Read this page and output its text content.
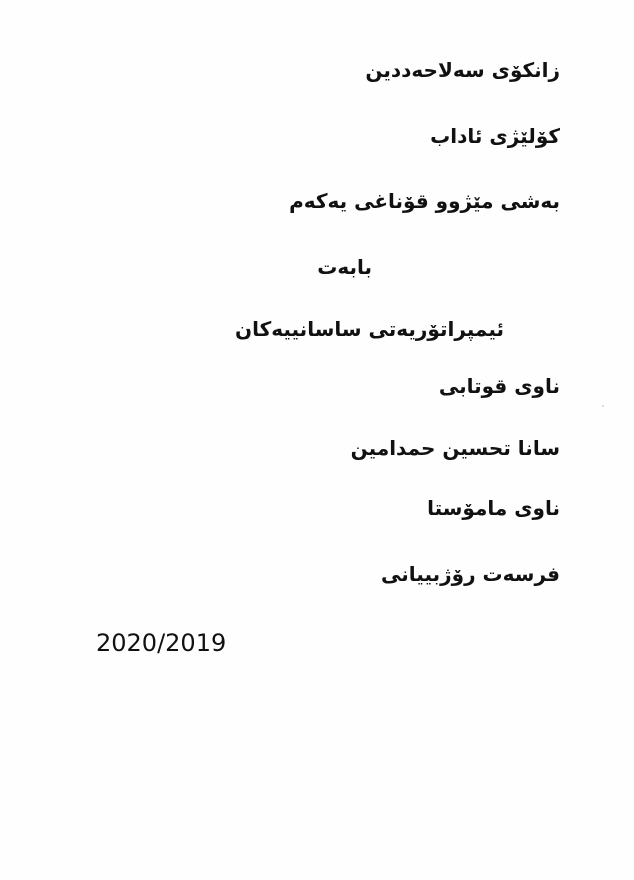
زانکۆی سەلاحەددین
کۆلێژی ئاداب
بەشی مێژوو قۆناغی یەکەم
بابەت
ئیمپراتۆریەتی ساسانییەکان
ناوی قوتابی
سانا تحسين حمدامين
ناوی مامۆستا
فرسەت رۆژبییانی
2020/2019
